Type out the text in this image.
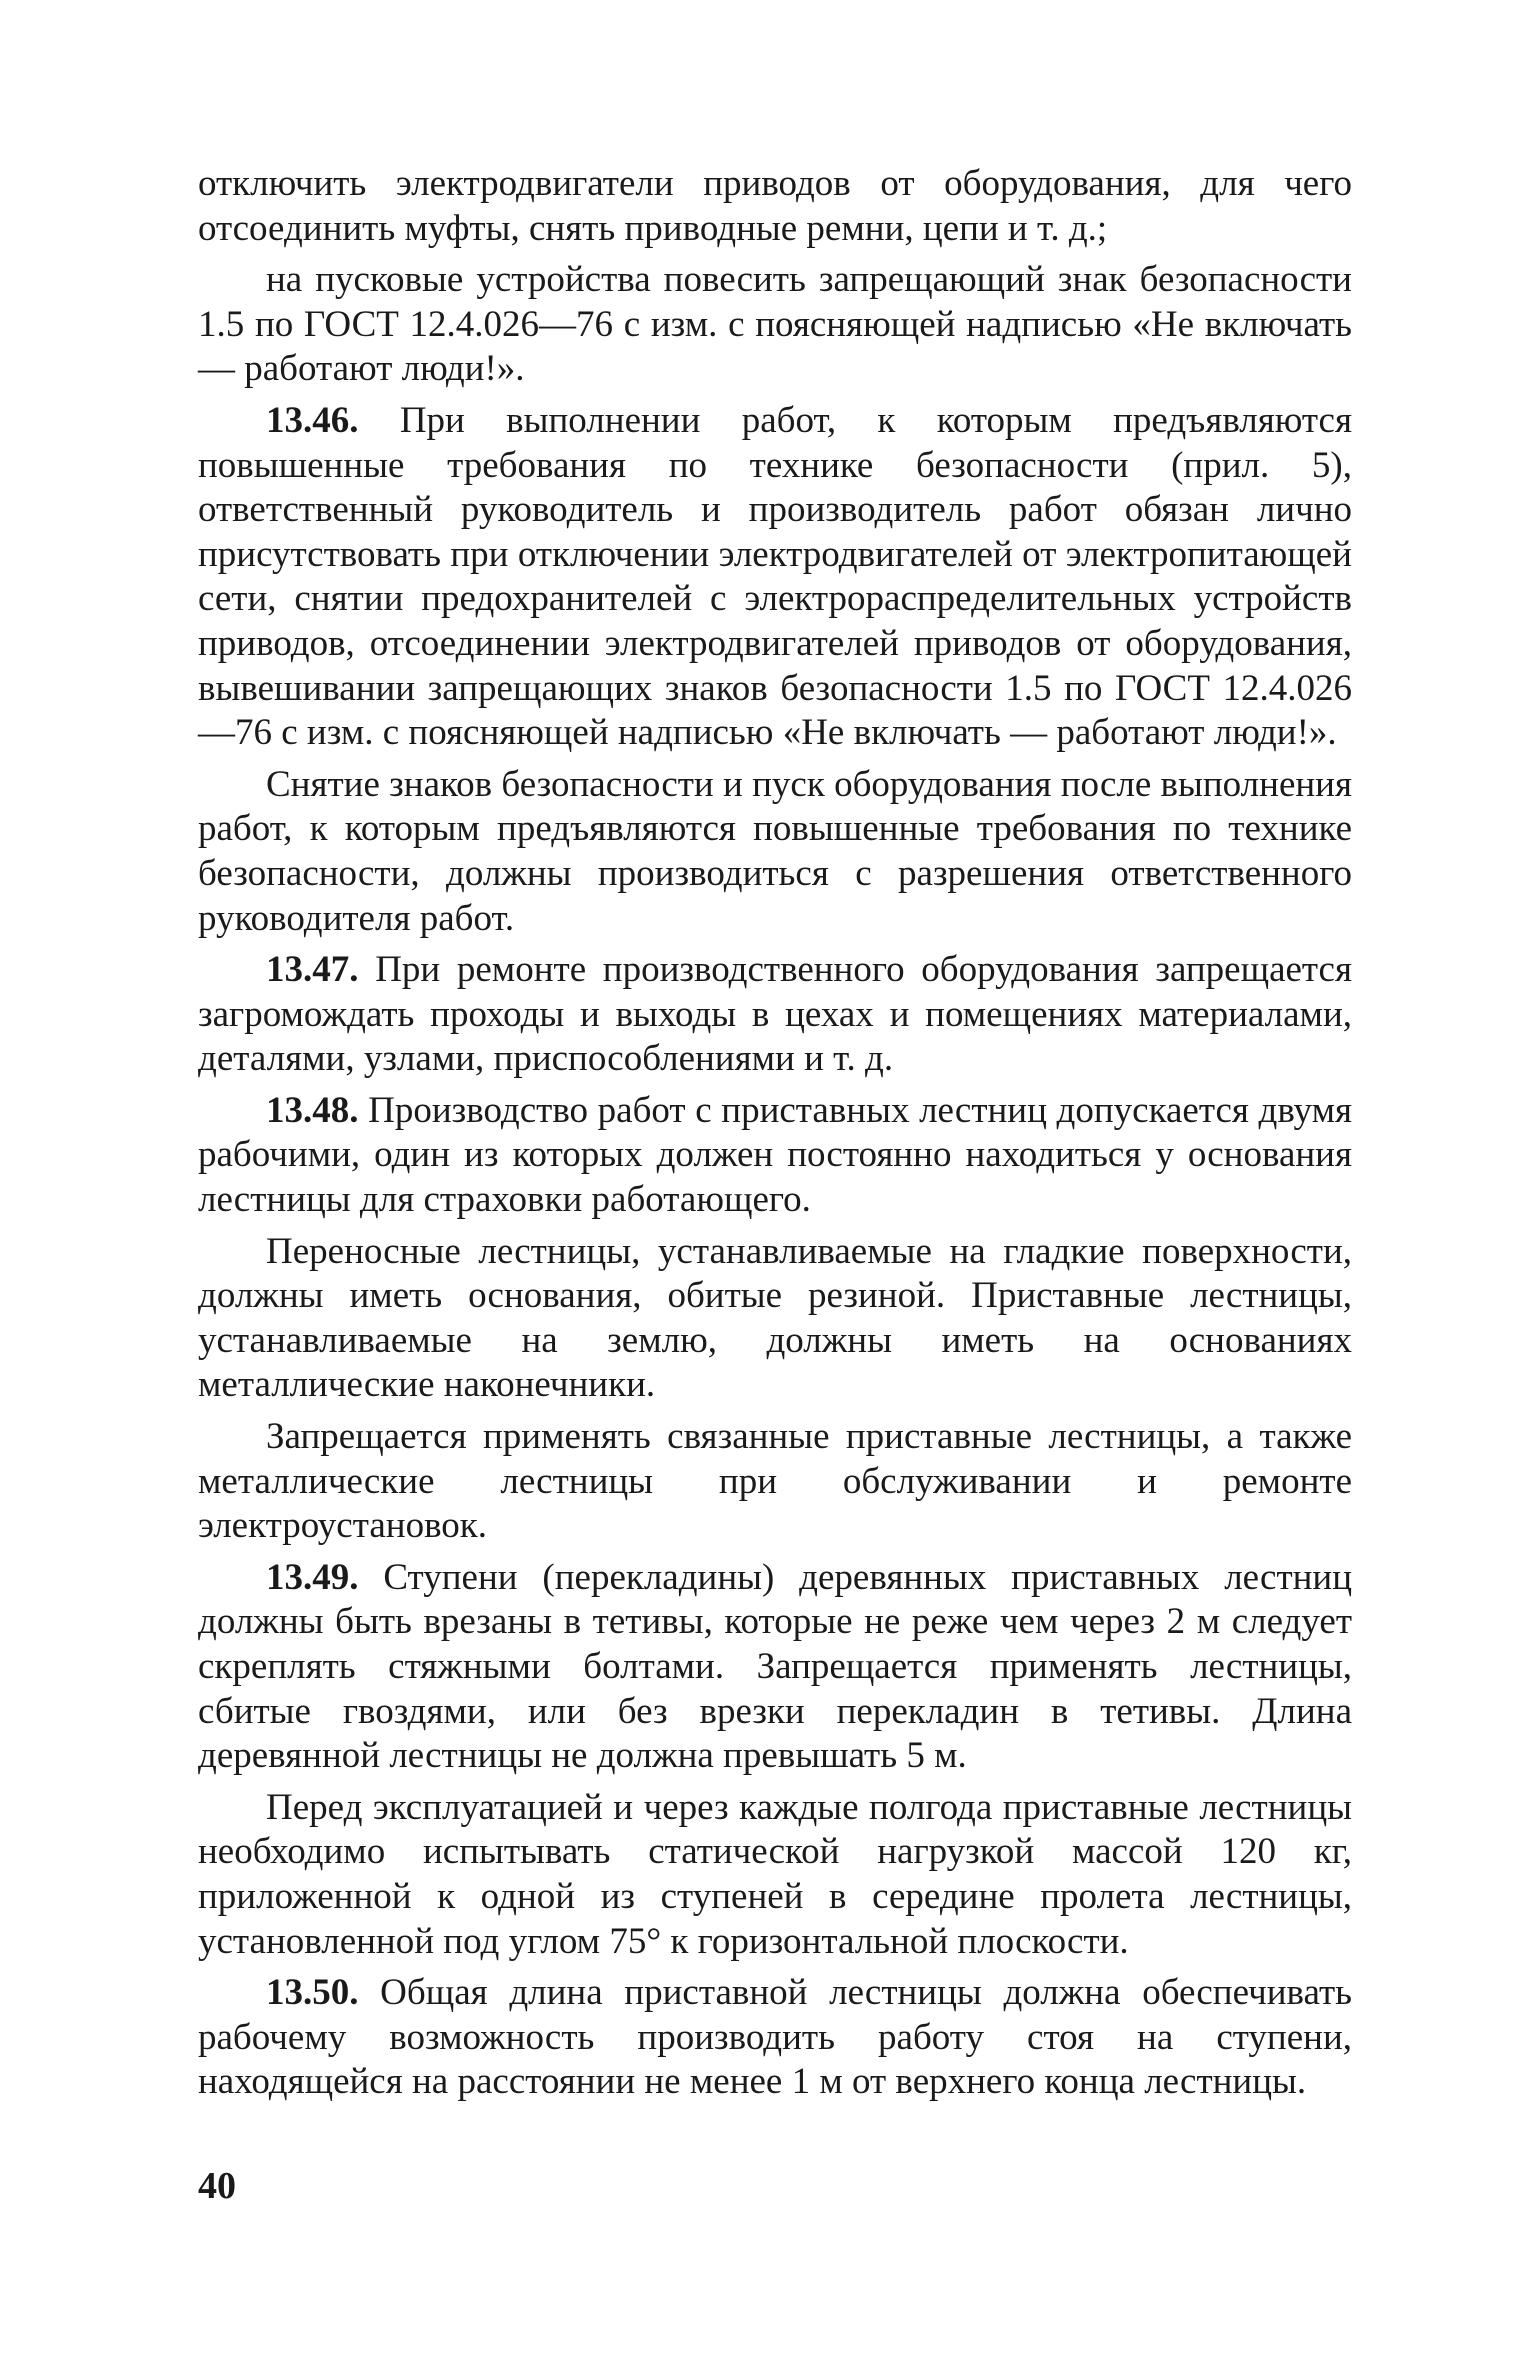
отключить электродвигатели приводов от оборудования, для чего отсоединить муфты, снять приводные ремни, цепи и т. д.;

на пусковые устройства повесить запрещающий знак безопасности 1.5 по ГОСТ 12.4.026—76 с изм. с поясняющей надписью «Не включать — работают люди!».

13.46. При выполнении работ, к которым предъявляются повышенные требования по технике безопасности (прил. 5), ответственный руководитель и производитель работ обязан лично присутствовать при отключении электродвигателей от электропитающей сети, снятии предохранителей с электрораспределительных устройств приводов, отсоединении электродвигателей приводов от оборудования, вывешивании запрещающих знаков безопасности 1.5 по ГОСТ 12.4.026—76 с изм. с поясняющей надписью «Не включать — работают люди!».

Снятие знаков безопасности и пуск оборудования после выполнения работ, к которым предъявляются повышенные требования по технике безопасности, должны производиться с разрешения ответственного руководителя работ.

13.47. При ремонте производственного оборудования запрещается загромождать проходы и выходы в цехах и помещениях материалами, деталями, узлами, приспособлениями и т. д.

13.48. Производство работ с приставных лестниц допускается двумя рабочими, один из которых должен постоянно находиться у основания лестницы для страховки работающего.

Переносные лестницы, устанавливаемые на гладкие поверхности, должны иметь основания, обитые резиной. Приставные лестницы, устанавливаемые на землю, должны иметь на основаниях металлические наконечники.

Запрещается применять связанные приставные лестницы, а также металлические лестницы при обслуживании и ремонте электроустановок.

13.49. Ступени (перекладины) деревянных приставных лестниц должны быть врезаны в тетивы, которые не реже чем через 2 м следует скреплять стяжными болтами. Запрещается применять лестницы, сбитые гвоздями, или без врезки перекладин в тетивы. Длина деревянной лестницы не должна превышать 5 м.

Перед эксплуатацией и через каждые полгода приставные лестницы необходимо испытывать статической нагрузкой массой 120 кг, приложенной к одной из ступеней в середине пролета лестницы, установленной под углом 75° к горизонтальной плоскости.

13.50. Общая длина приставной лестницы должна обеспечивать рабочему возможность производить работу стоя на ступени, находящейся на расстоянии не менее 1 м от верхнего конца лестницы.

40
